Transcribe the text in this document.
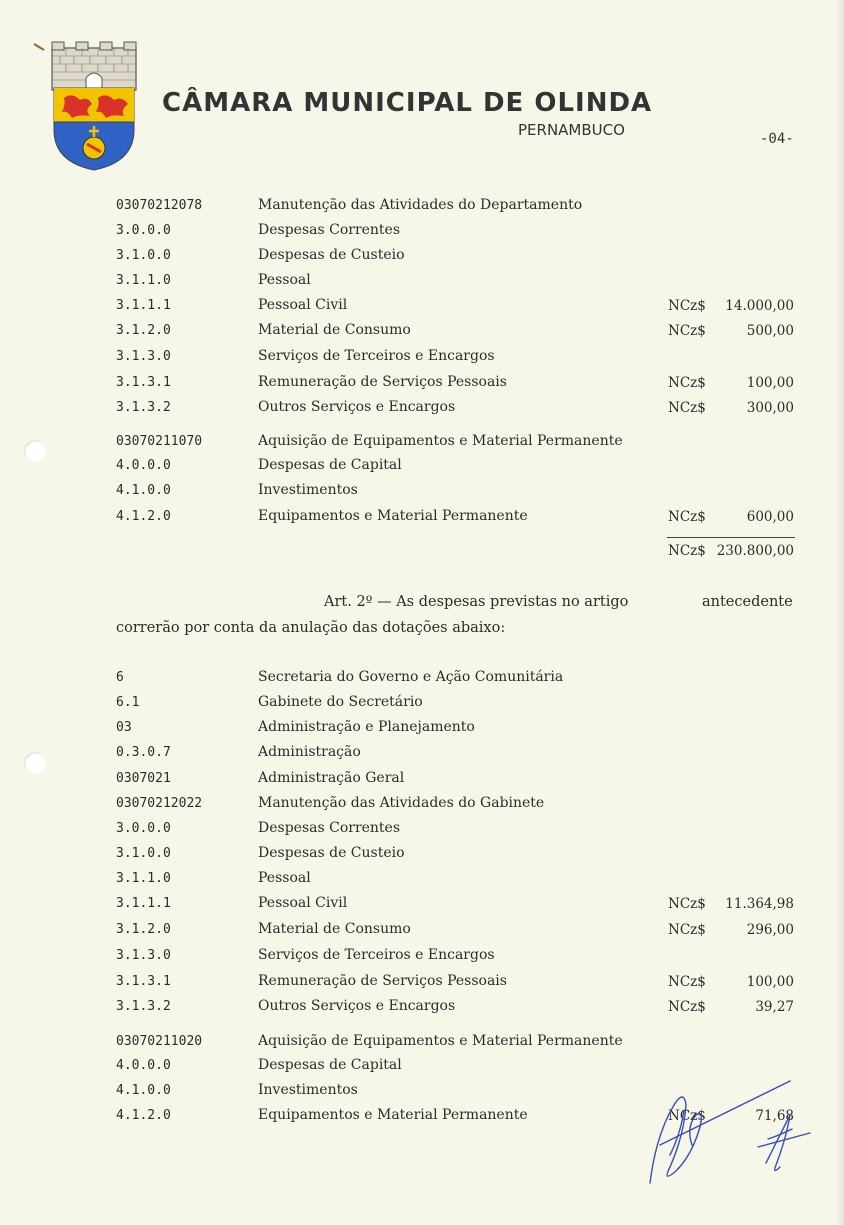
CÂMARA MUNICIPAL DE OLINDA
PERNAMBUCO	-04-
03070212078	Manutenção das Atividades do Departamento
3.0.0.0	Despesas Correntes
3.1.0.0	Despesas de Custeio
3.1.1.0	Pessoal
3.1.1.1	Pessoal Civil	NCz$	14.000,00
3.1.2.0	Material de Consumo	NCz$	500,00
3.1.3.0	Serviços de Terceiros e Encargos
3.1.3.1	Remuneração de Serviços Pessoais	NCz$	100,00
3.1.3.2	Outros Serviços e Encargos	NCz$	300,00
03070211070	Aquisição de Equipamentos e Material Permanente
4.0.0.0	Despesas de Capital
4.1.0.0	Investimentos
4.1.2.0	Equipamentos e Material Permanente	NCz$	600,00
NCz$ 230.800,00
Art. 2º — As despesas previstas no artigo	antecedente
correrão por conta da anulação das dotações abaixo:
6	Secretaria do Governo e Ação Comunitária
6.1	Gabinete do Secretário
03	Administração e Planejamento
0.3.0.7	Administração
0307021	Administração Geral
03070212022	Manutenção das Atividades do Gabinete
3.0.0.0	Despesas Correntes
3.1.0.0	Despesas de Custeio
3.1.1.0	Pessoal
3.1.1.1	Pessoal Civil	NCz$	11.364,98
3.1.2.0	Material de Consumo	NCz$	296,00
3.1.3.0	Serviços de Terceiros e Encargos
3.1.3.1	Remuneração de Serviços Pessoais	NCz$	100,00
3.1.3.2	Outros Serviços e Encargos	NCz$	39,27
03070211020	Aquisição de Equipamentos e Material Permanente
4.0.0.0	Despesas de Capital
4.1.0.0	Investimentos
4.1.2.0	Equipamentos e Material Permanente	NCz$	71,68
